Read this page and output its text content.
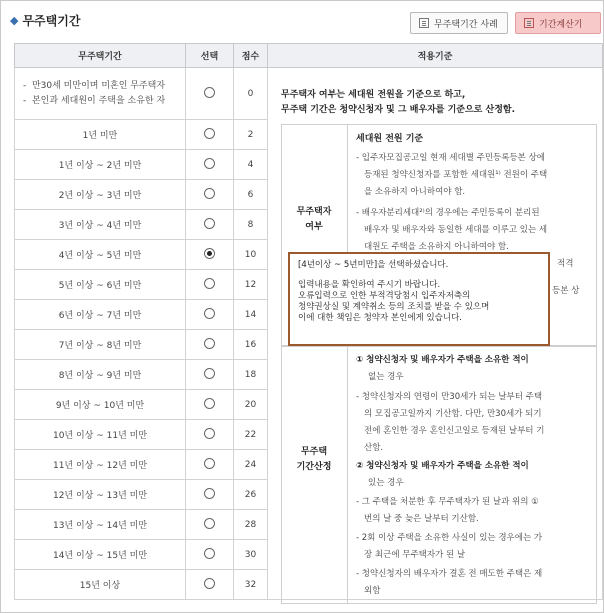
◆ 무주택기간	무주택기간 사례	기간계산기
무주택기간	선택	점수	적용기준

-  만30세 미만이며 미혼인 무주택자
-  본인과 세대원이 주택을 소유한 자		0	
1년 미만		2	
1년 이상 ~ 2년 미만		4	
2년 이상 ~ 3년 미만		6	
3년 이상 ~ 4년 미만		8	
4년 이상 ~ 5년 미만		10	
5년 이상 ~ 6년 미만		12	
6년 이상 ~ 7년 미만		14	
7년 이상 ~ 8년 미만		16	
8년 이상 ~ 9년 미만		18	
9년 이상 ~ 10년 미만		20	
10년 이상 ~ 11년 미만		22	
11년 이상 ~ 12년 미만		24	
12년 이상 ~ 13년 미만		26	
13년 이상 ~ 14년 미만		28	
14년 이상 ~ 15년 미만		30	
15년 이상		32	
무주택자 여부는 세대원 전원을 기준으로 하고,
무주택 기간은 청약신청자 및 그 배우자를 기준으로 산정함.
무주택자
여부
세대원 전원 기준
- 입주자모집공고일 현재 세대별 주민등록등본 상에
등재된 청약신청자를 포함한 세대원¹⁾ 전원이 주택
을 소유하지 아니하여야 함.
- 배우자분리세대²⁾의 경우에는 주민등록이 분리된
배우자 및 배우자와 동일한 세대를 이루고 있는 세
대원도 주택을 소유하지 아니하여야 함.
적격
등본 상
무주택
기간산정
① 청약신청자 및 배우자가 주택을 소유한 적이
없는 경우
- 청약신청자의 연령이 만30세가 되는 날부터 주택
의 모집공고일까지 기산함. 다만, 만30세가 되기
전에 혼인한 경우 혼인신고일로 등재된 날부터 기
산함.
② 청약신청자 및 배우자가 주택을 소유한 적이
있는 경우
- 그 주택을 처분한 후 무주택자가 된 날과 위의 ①
번의 날 중 늦은 날부터 기산함.
- 2회 이상 주택을 소유한 사실이 있는 경우에는 가
장 최근에 무주택자가 된 날
- 청약신청자의 배우자가 결혼 전 매도한 주택은 제
외함
[4년이상 ~ 5년미만]을 선택하셨습니다.
입력내용을 확인하여 주시기 바랍니다.
오류입력으로 인한 부적격당첨시 입주자저축의
청약권상실 및 계약취소 등의 조치를 받을 수 있으며
이에 대한 책임은 청약자 본인에게 있습니다.
